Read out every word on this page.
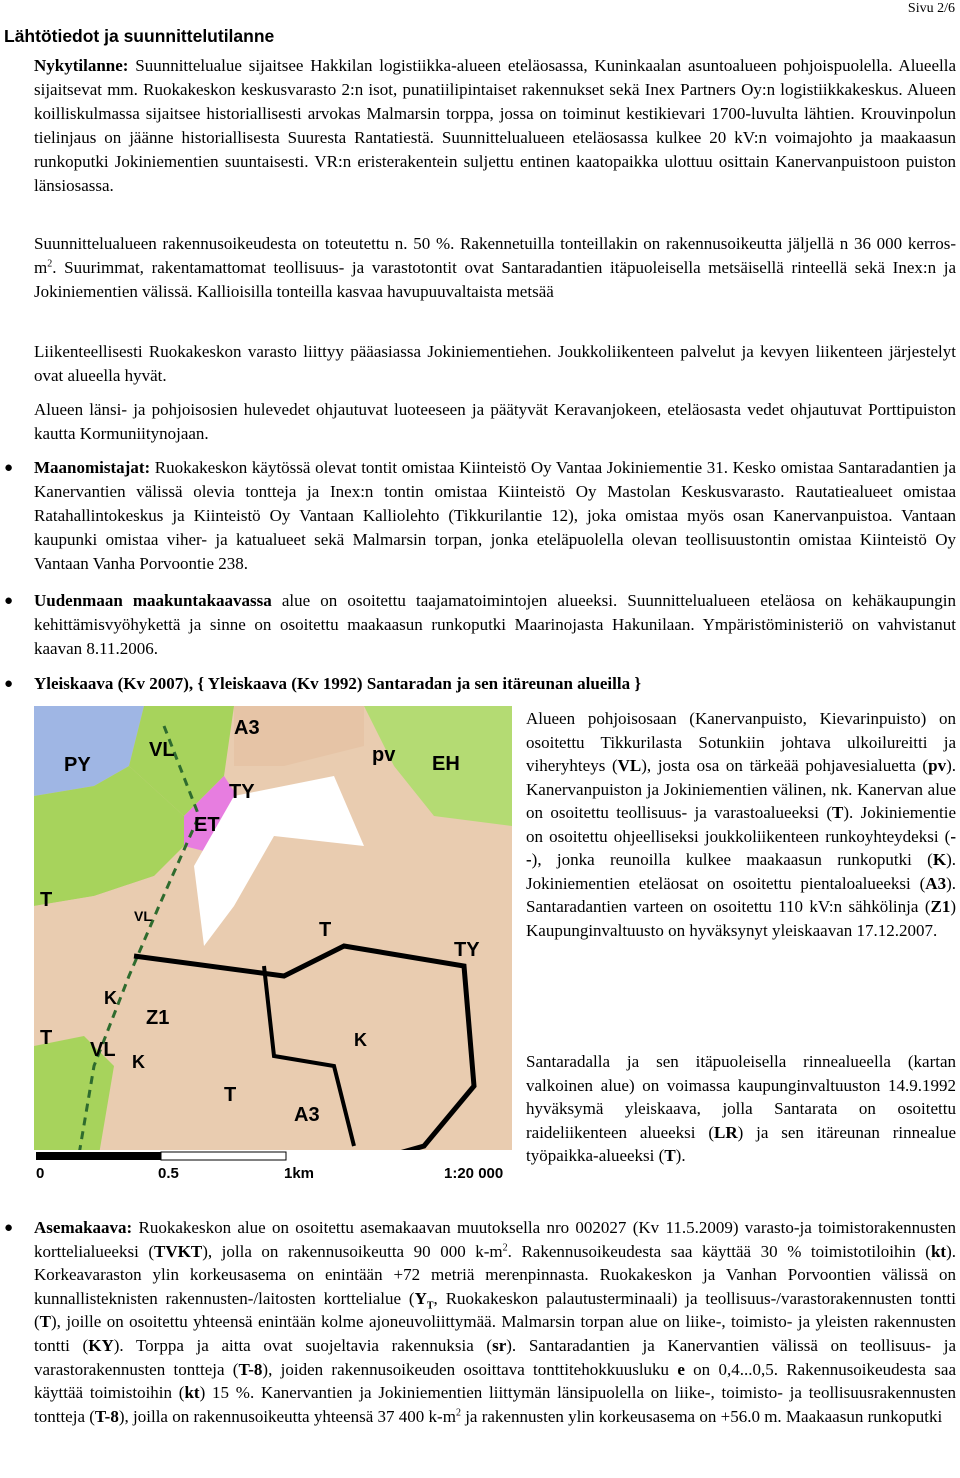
Sivu 2/6
Lähtötiedot ja suunnittelutilanne
Nykytilanne: Suunnittelualue sijaitsee Hakkilan logistiikka-alueen eteläosassa, Kuninkaalan asuntoalueen pohjoispuolella. Alueella sijaitsevat mm. Ruokakeskon keskusvarasto 2:n isot, punatiilipintaiset rakennukset sekä Inex Partners Oy:n logistiikkakeskus. Alueen koilliskulmassa sijaitsee historiallisesti arvokas Malmarsin torppa, jossa on toiminut kestikievari 1700-luvulta lähtien. Krouvinpolun tielinjaus on jäänne historiallisesta Suuresta Rantatiestä. Suunnittelualueen eteläosassa kulkee 20 kV:n voimajohto ja maakaasun runkoputki Jokiniementien suuntaisesti. VR:n eristerakentein suljettu entinen kaatopaikka ulottuu osittain Kanervanpuistoon puiston länsiosassa.
Suunnittelualueen rakennusoikeudesta on toteutettu n. 50 %. Rakennetuilla tonteillakin on rakennusoikeutta jäljellä n 36 000 kerros-$m^2$. Suurimmat, rakentamattomat teollisuus- ja varastotontit ovat Santaradantien itäpuoleisella metsäisellä rinteellä sekä Inex:n ja Jokiniementien välissä. Kallioisilla tonteilla kasvaa havupuuvaltaista metsää
Liikenteellisesti Ruokakeskon varasto liittyy pääasiassa Jokiniementiehen. Joukkoliikenteen palvelut ja kevyen liikenteen järjestelyt ovat alueella hyvät.
Alueen länsi- ja pohjoisosien hulevedet ohjautuvat luoteeseen ja päätyvät Keravanjokeen, eteläosasta vedet ohjautuvat Porttipuiston kautta Kormuniitynojaan.
● Maanomistajat: Ruokakeskon käytössä olevat tontit omistaa Kiinteistö Oy Vantaa Jokiniementie 31. Kesko omistaa Santaradantien ja Kanervantien välissä olevia tontteja ja Inex:n tontin omistaa Kiinteistö Oy Mastolan Keskusvarasto. Rautatiealueet omistaa Ratahallintokeskus ja Kiinteistö Oy Vantaan Kalliolehto (Tikkurilantie 12), joka omistaa myös osan Kanervanpuistoa. Vantaan kaupunki omistaa viher- ja katualueet sekä Malmarsin torpan, jonka eteläpuolella olevan teollisuustontin omistaa Kiinteistö Oy Vantaan Vanha Porvoontie 238.
● Uudenmaan maakuntakaavassa alue on osoitettu taajamatoimintojen alueeksi. Suunnittelualueen eteläosa on kehäkaupungin kehittämisvyöhykettä ja sinne on osoitettu maakaasun runkoputki Maarinojasta Hakunilaan. Ympäristöministeriö on vahvistanut kaavan 8.11.2006.
● Yleiskaava (Kv 2007), { Yleiskaava (Kv 1992) Santaradan ja sen itäreunan alueilla }
A3
PY
VL	pv EH
TY
ET
T
VL
T
TY
K
Z1
T
K
VL
A3
T
K
0	0.5	1km	1:20 000
Alueen pohjoisosaan (Kanervanpuisto, Kievarinpuisto) on osoitettu Tikkurilasta Sotunkiin johtava ulkoilureitti ja viheryhteys (VL), josta osa on tärkeää pohjavesialuetta (pv). Kanervanpuiston ja Jokiniementien välinen, nk. Kanervan alue on osoitettu teollisuus- ja varastoalueeksi (T). Jokiniementie on osoitettu ohjeelliseksi joukkoliikenteen runkoyhteydeksi (--), jonka reunoilla kulkee maakaasun runkoputki (K). Jokiniementien eteläosat on osoitettu pientaloalueeksi (A3). Santaradantien varteen on osoitettu 110 kV:n sähkölinja (Z1) Kaupunginvaltuusto on hyväksynyt yleiskaavan 17.12.2007.
Santaradalla ja sen itäpuoleisella rinnealueella (kartan valkoinen alue) on voimassa kaupunginvaltuuston 14.9.1992 hyväksymä yleiskaava, jolla Santarata on osoitettu raideliikenteen alueeksi (LR) ja sen itäreunan rinnealue työpaikka-alueeksi (T).
● Asemakaava: Ruokakeskon alue on osoitettu asemakaavan muutoksella nro 002027 (Kv 11.5.2009) varasto-ja toimistorakennusten korttelialueeksi (TVKT), jolla on rakennusoikeutta 90 000 $k-m^2$. Rakennusoikeudesta saa käyttää 30 % toimistotiloihin (kt). Korkeavaraston ylin korkeusasema on enintään +72 metriä merenpinnasta. Ruokakeskon ja Vanhan Porvoontien välissä on kunnallisteknisten rakennusten-/laitosten korttelialue ($Y_T$, Ruokakeskon palautusterminaali) ja teollisuus-/varastorakennusten tontti (T), joille on osoitettu yhteensä enintään kolme ajoneuvoliittymää. Malmarsin torpan alue on liike-, toimisto- ja yleisten rakennusten tontti (KY). Torppa ja aitta ovat suojeltavia rakennuksia (sr). Santaradantien ja Kanervantien välissä on teollisuus- ja varastorakennusten tontteja (T-8), joiden rakennusoikeuden osoittava tonttitehokkuusluku e on 0,4...0,5. Rakennusoikeudesta saa käyttää toimistoihin (kt) 15 %. Kanervantien ja Jokiniementien liittymän länsipuolella on liike-, toimisto- ja teollisuusrakennusten tontteja (T-8), joilla on rakennusoikeutta yhteensä 37 400 $k-m^2$ ja rakennusten ylin korkeusasema on +56.0 m. Maakaasun runkoputki
